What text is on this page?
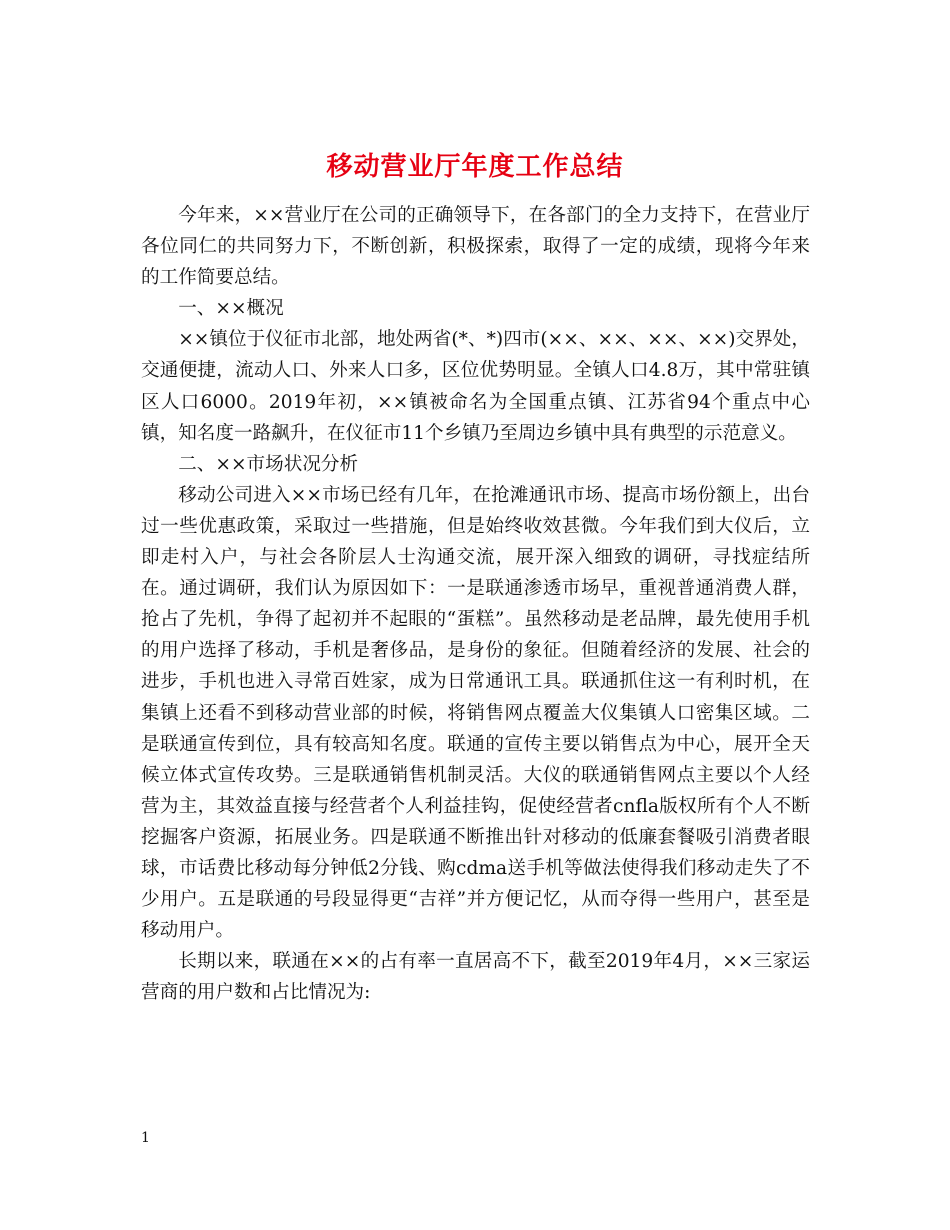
移动营业厅年度工作总结

今年来，××营业厅在公司的正确领导下，在各部门的全力支持下，在营业厅各位同仁的共同努力下，不断创新，积极探索，取得了一定的成绩，现将今年来的工作简要总结。

一、××概况

××镇位于仪征市北部，地处两省(*、*)四市(××、××、××、××)交界处，交通便捷，流动人口、外来人口多，区位优势明显。全镇人口4.8万，其中常驻镇区人口6000。2019年初，××镇被命名为全国重点镇、江苏省94个重点中心镇，知名度一路飙升，在仪征市11个乡镇乃至周边乡镇中具有典型的示范意义。

二、××市场状况分析

移动公司进入××市场已经有几年，在抢滩通讯市场、提高市场份额上，出台过一些优惠政策，采取过一些措施，但是始终收效甚微。今年我们到大仪后，立即走村入户，与社会各阶层人士沟通交流，展开深入细致的调研，寻找症结所在。通过调研，我们认为原因如下：一是联通渗透市场早，重视普通消费人群，抢占了先机，争得了起初并不起眼的“蛋糕”。虽然移动是老品牌，最先使用手机的用户选择了移动，手机是奢侈品，是身份的象征。但随着经济的发展、社会的进步，手机也进入寻常百姓家，成为日常通讯工具。联通抓住这一有利时机，在集镇上还看不到移动营业部的时候，将销售网点覆盖大仪集镇人口密集区域。二是联通宣传到位，具有较高知名度。联通的宣传主要以销售点为中心，展开全天候立体式宣传攻势。三是联通销售机制灵活。大仪的联通销售网点主要以个人经营为主，其效益直接与经营者个人利益挂钩，促使经营者cnfla版权所有个人不断挖掘客户资源，拓展业务。四是联通不断推出针对移动的低廉套餐吸引消费者眼球，市话费比移动每分钟低2分钱、购cdma送手机等做法使得我们移动走失了不少用户。五是联通的号段显得更“吉祥”并方便记忆，从而夺得一些用户，甚至是移动用户。

长期以来，联通在××的占有率一直居高不下，截至2019年4月，××三家运营商的用户数和占比情况为:

1
